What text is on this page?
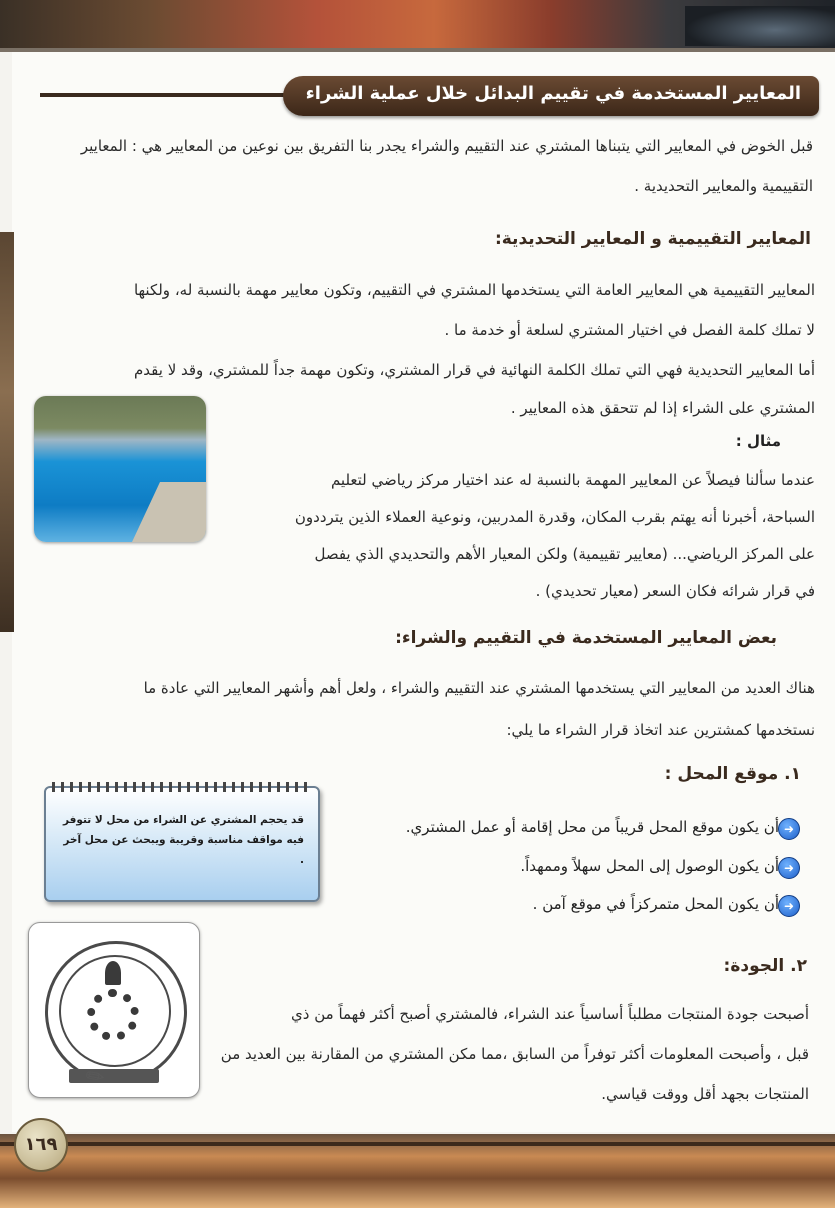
المعايير المستخدمة في تقييم البدائل خلال عملية الشراء
قبل الخوض في المعايير التي يتبناها المشتري عند التقييم والشراء يجدر بنا التفريق بين نوعين من المعايير هي : المعايير
التقييمية والمعايير التحديدية .
المعايير التقييمية و المعايير التحديدية:
المعايير التقييمية هي المعايير العامة التي يستخدمها المشتري في التقييم، وتكون معايير مهمة بالنسبة له، ولكنها
لا تملك كلمة الفصل في اختيار المشتري لسلعة أو خدمة ما .
أما المعايير التحديدية فهي التي تملك الكلمة النهائية في قرار المشتري، وتكون مهمة جداً للمشتري، وقد لا يقدم
المشتري على الشراء إذا لم تتحقق هذه المعايير .
مثال :
عندما سألنا فيصلاً عن المعايير المهمة بالنسبة له عند اختيار مركز رياضي لتعليم
السباحة، أخبرنا أنه يهتم بقرب المكان، وقدرة المدربين، ونوعية العملاء الذين يترددون
على المركز الرياضي... (معايير تقييمية) ولكن المعيار الأهم والتحديدي الذي يفصل
في قرار شرائه فكان السعر (معيار تحديدي) .
بعض المعايير المستخدمة في التقييم والشراء:
هناك العديد من المعايير التي يستخدمها المشتري عند التقييم والشراء ، ولعل أهم وأشهر المعايير التي عادة ما
نستخدمها كمشترين عند اتخاذ قرار الشراء ما يلي:
١. موقع المحل :
➜
أن يكون موقع المحل قريباً من محل إقامة أو عمل المشتري.
➜
أن يكون الوصول إلى المحل سهلاً وممهداً.
➜
أن يكون المحل متمركزاً في موقع آمن .
قد يحجم المشتري عن الشراء من محل لا تتوفر فيه مواقف مناسبة وقريبة ويبحث عن محل آخر .
٢. الجودة:
أصبحت جودة المنتجات مطلباً أساسياً عند الشراء، فالمشتري أصبح أكثر فهماً من ذي
قبل ، وأصبحت المعلومات أكثر توفراً من السابق ،مما مكن المشتري من المقارنة بين العديد من
المنتجات بجهد أقل ووقت قياسي.
✎
١٦٩
